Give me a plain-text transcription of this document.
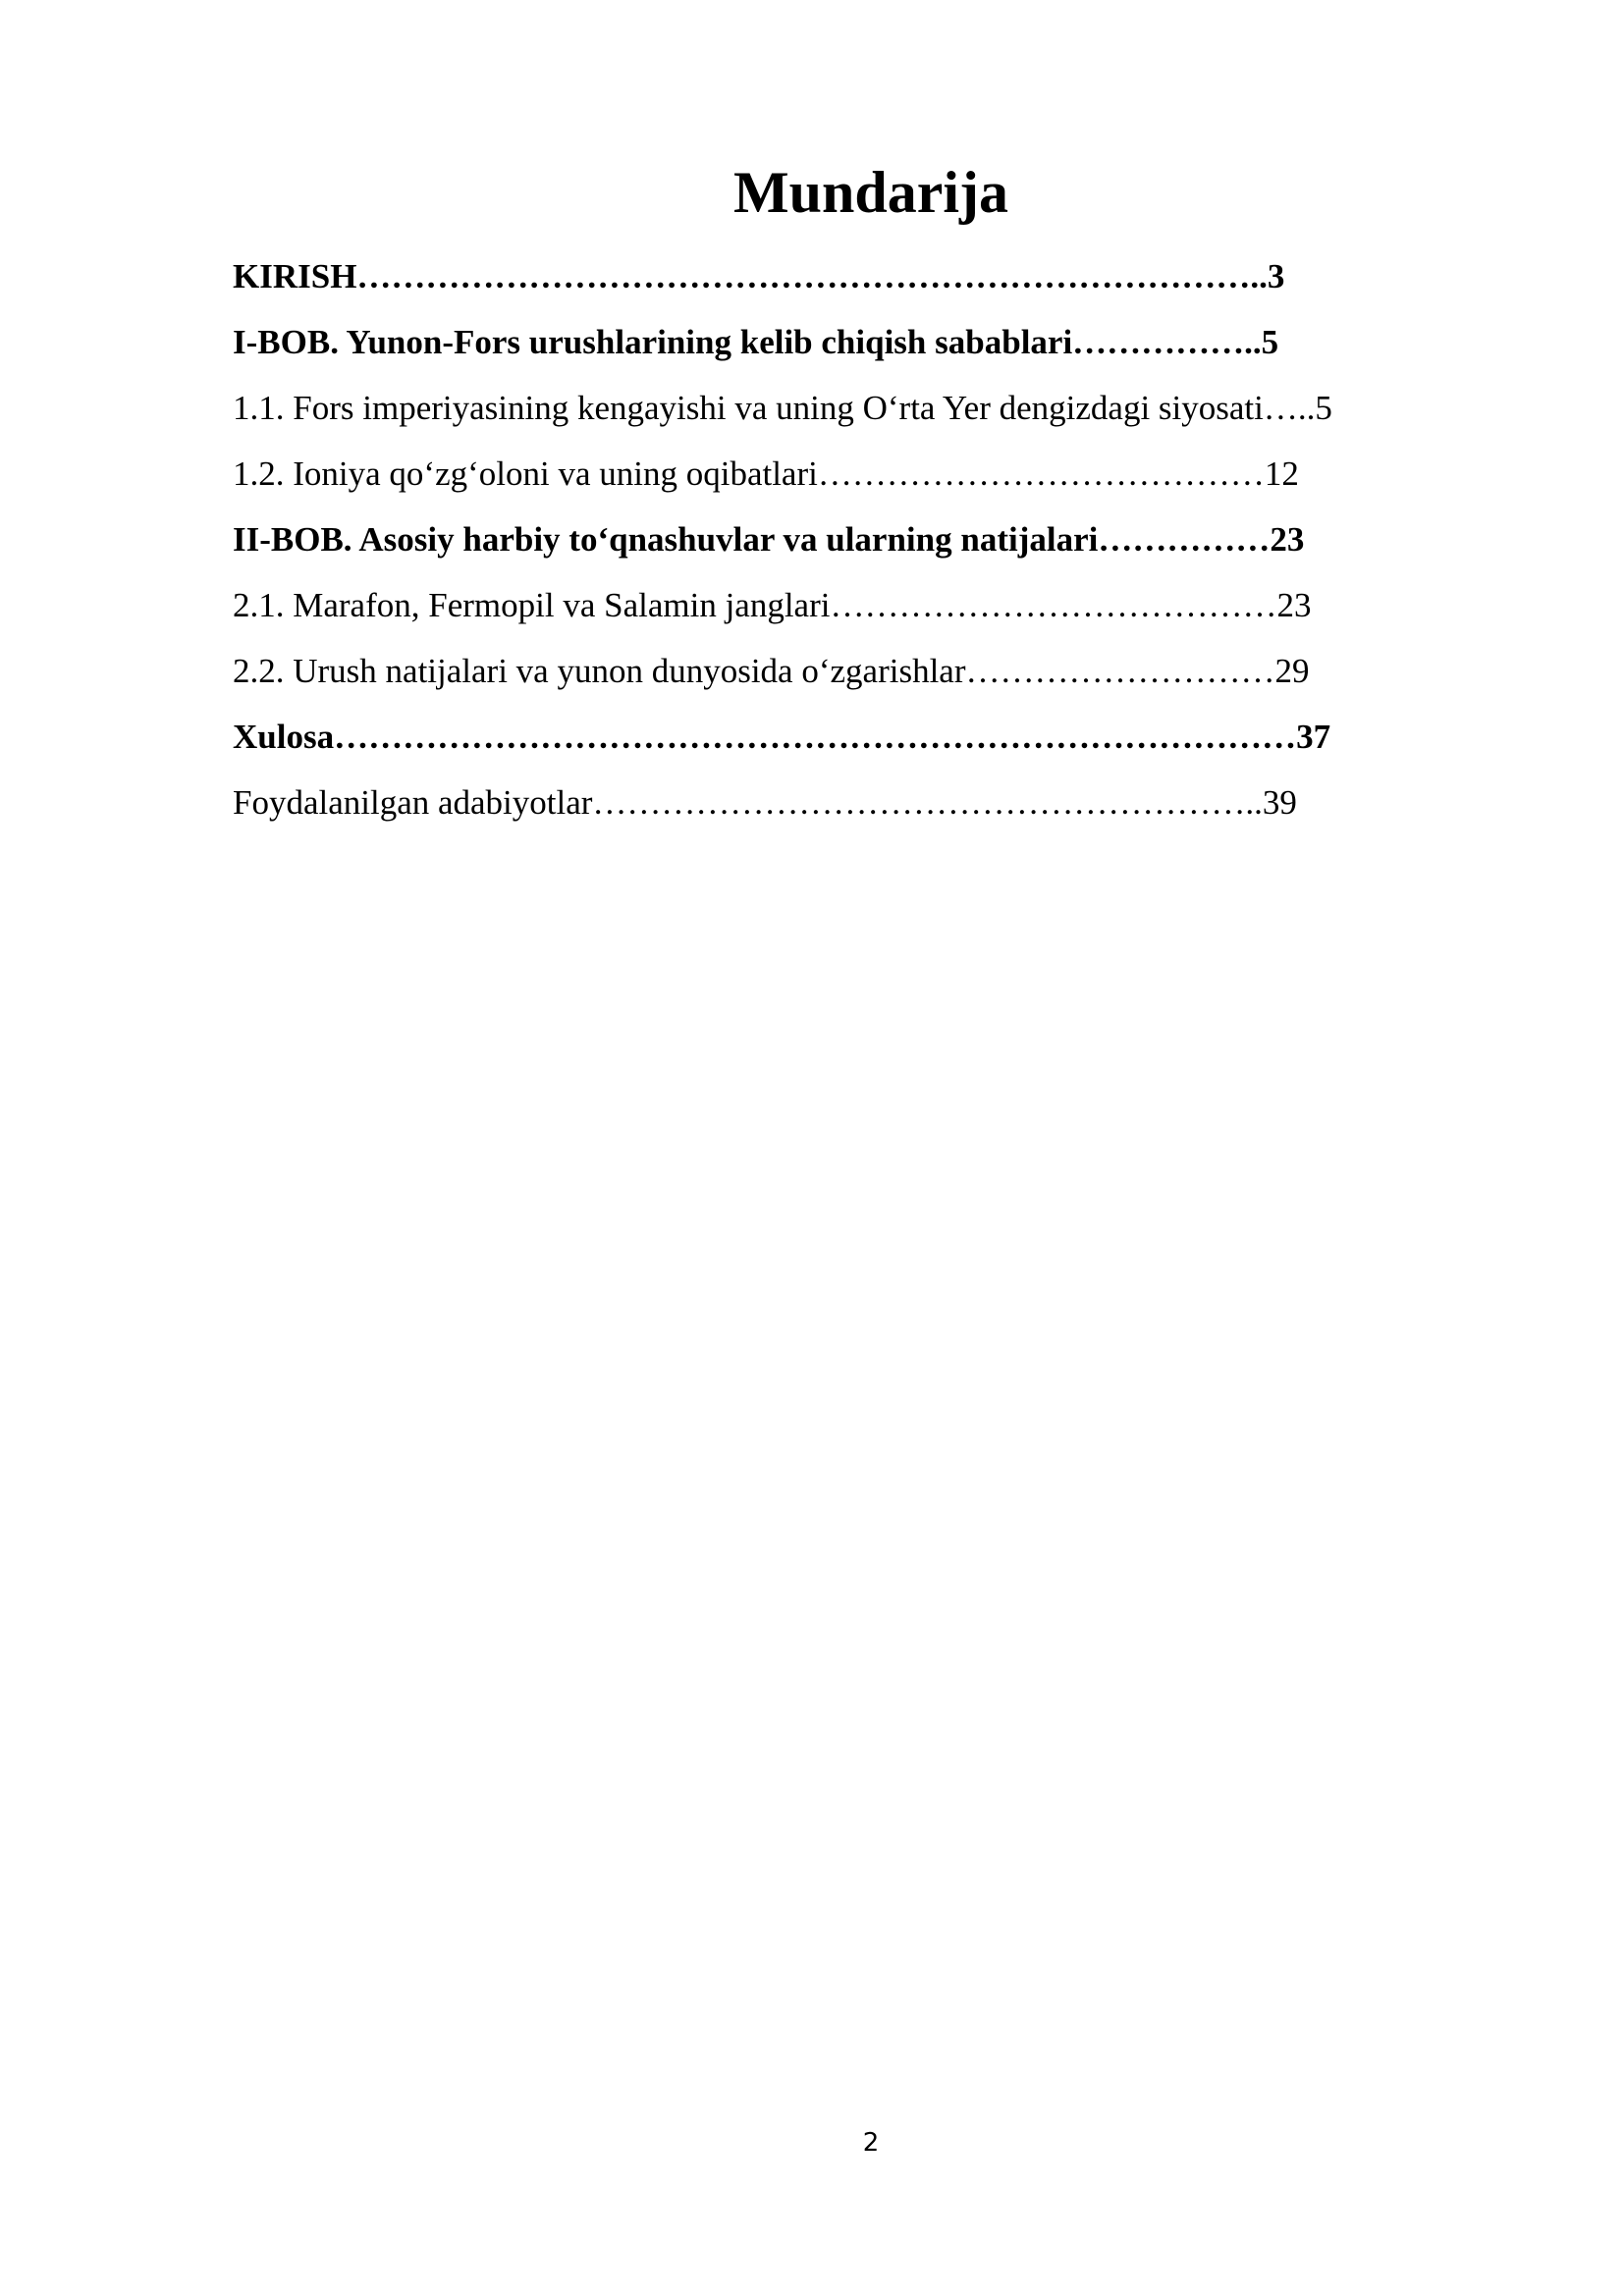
Mundarija
KIRISH……………………………………………………………………..3
I-BOB. Yunon-Fors urushlarining kelib chiqish sabablari……………..5
1.1. Fors imperiyasining kengayishi va uning O‘rta Yer dengizdagi siyosati…..5
1.2. Ioniya qo‘zg‘oloni va uning oqibatlari…………………………………12
II-BOB. Asosiy harbiy to‘qnashuvlar va ularning natijalari……………23
2.1. Marafon, Fermopil va Salamin janglari…………………………………23
2.2. Urush natijalari va yunon dunyosida o‘zgarishlar………………………29
Xulosa…………………………………………………………………………37
Foydalanilgan adabiyotlar…………………………………………………..39
2
